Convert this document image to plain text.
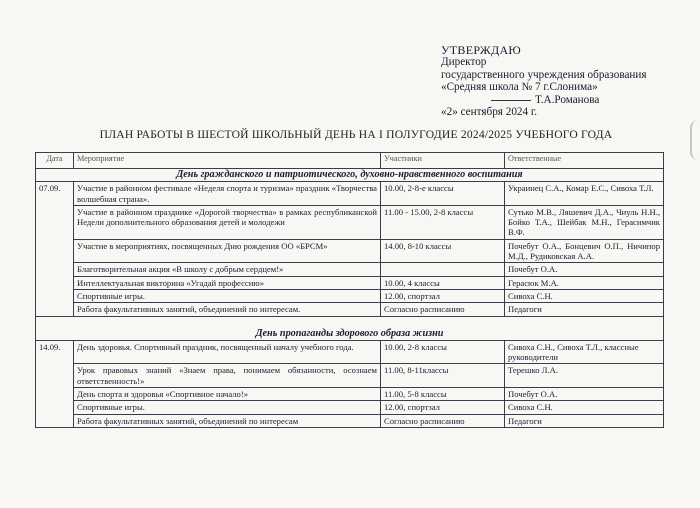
УТВЕРЖДАЮ
Директор
государственного учреждения образования
«Средняя школа № 7 г.Слонима»
Т.А.Романова
«2» сентября 2024 г.
ПЛАН РАБОТЫ В ШЕСТОЙ ШКОЛЬНЫЙ ДЕНЬ НА I ПОЛУГОДИЕ 2024/2025 УЧЕБНОГО ГОДА
Дата	Мероприятие	Участники	Ответственные
День гражданского и патриотического, духовно-нравственного воспитания			
07.09.	Участие в районном фестивале «Неделя спорта и туризма» праздник «Творчества волшебная страна».	10.00, 2-8-е классы	Украинец С.А., Комар Е.С., Сивоха Т.Л.
	Участие в районном празднике «Дорогой творчества» в рамках республиканской Недели дополнительного образования детей и молодежи	11.00 - 15.00, 2-8 классы	Сутько М.В., Ляшевич Д.А., Чиуль Н.Н., Бойко Т.А., Шейбак М.Н., Герасимчик В.Ф.
	Участие в мероприятиях, посвященных Дню рождения ОО «БРСМ»	14.00, 8-10 классы	Почебут О.А., Бонцевич О.П., Ничипор М.Д., Рудиковская А.А.
	Благотворительная акция «В школу с добрым сердцем!»		Почебут О.А.
	Интеллектуальная викторина «Угадай профессию»	10.00, 4 классы	Герасюк М.А.
	Спортивные игры.	12.00, спортзал	Сивоха С.Н.
	Работа факультативных занятий, объединений по интересам.	Согласно расписанию	Педагоги
День пропаганды здорового образа жизни			
14.09.	День здоровья. Спортивный праздник, посвященный началу учебного года.	10.00, 2-8 классы	Сивоха С.Н., Сивоха Т.Л., классные руководители
	Урок правовых знаний «Знаем права, понимаем обязанности, осознаем ответственность!»	11.00, 8-11классы	Терешко Л.А.
	День спорта и здоровья «Спортивное начало!»	11.00, 5-8 классы	Почебут О.А.
	Спортивные игры.	12.00, спортзал	Сивоха С.Н.
	Работа факультативных занятий, объединений по интересам	Согласно расписанию	Педагоги
